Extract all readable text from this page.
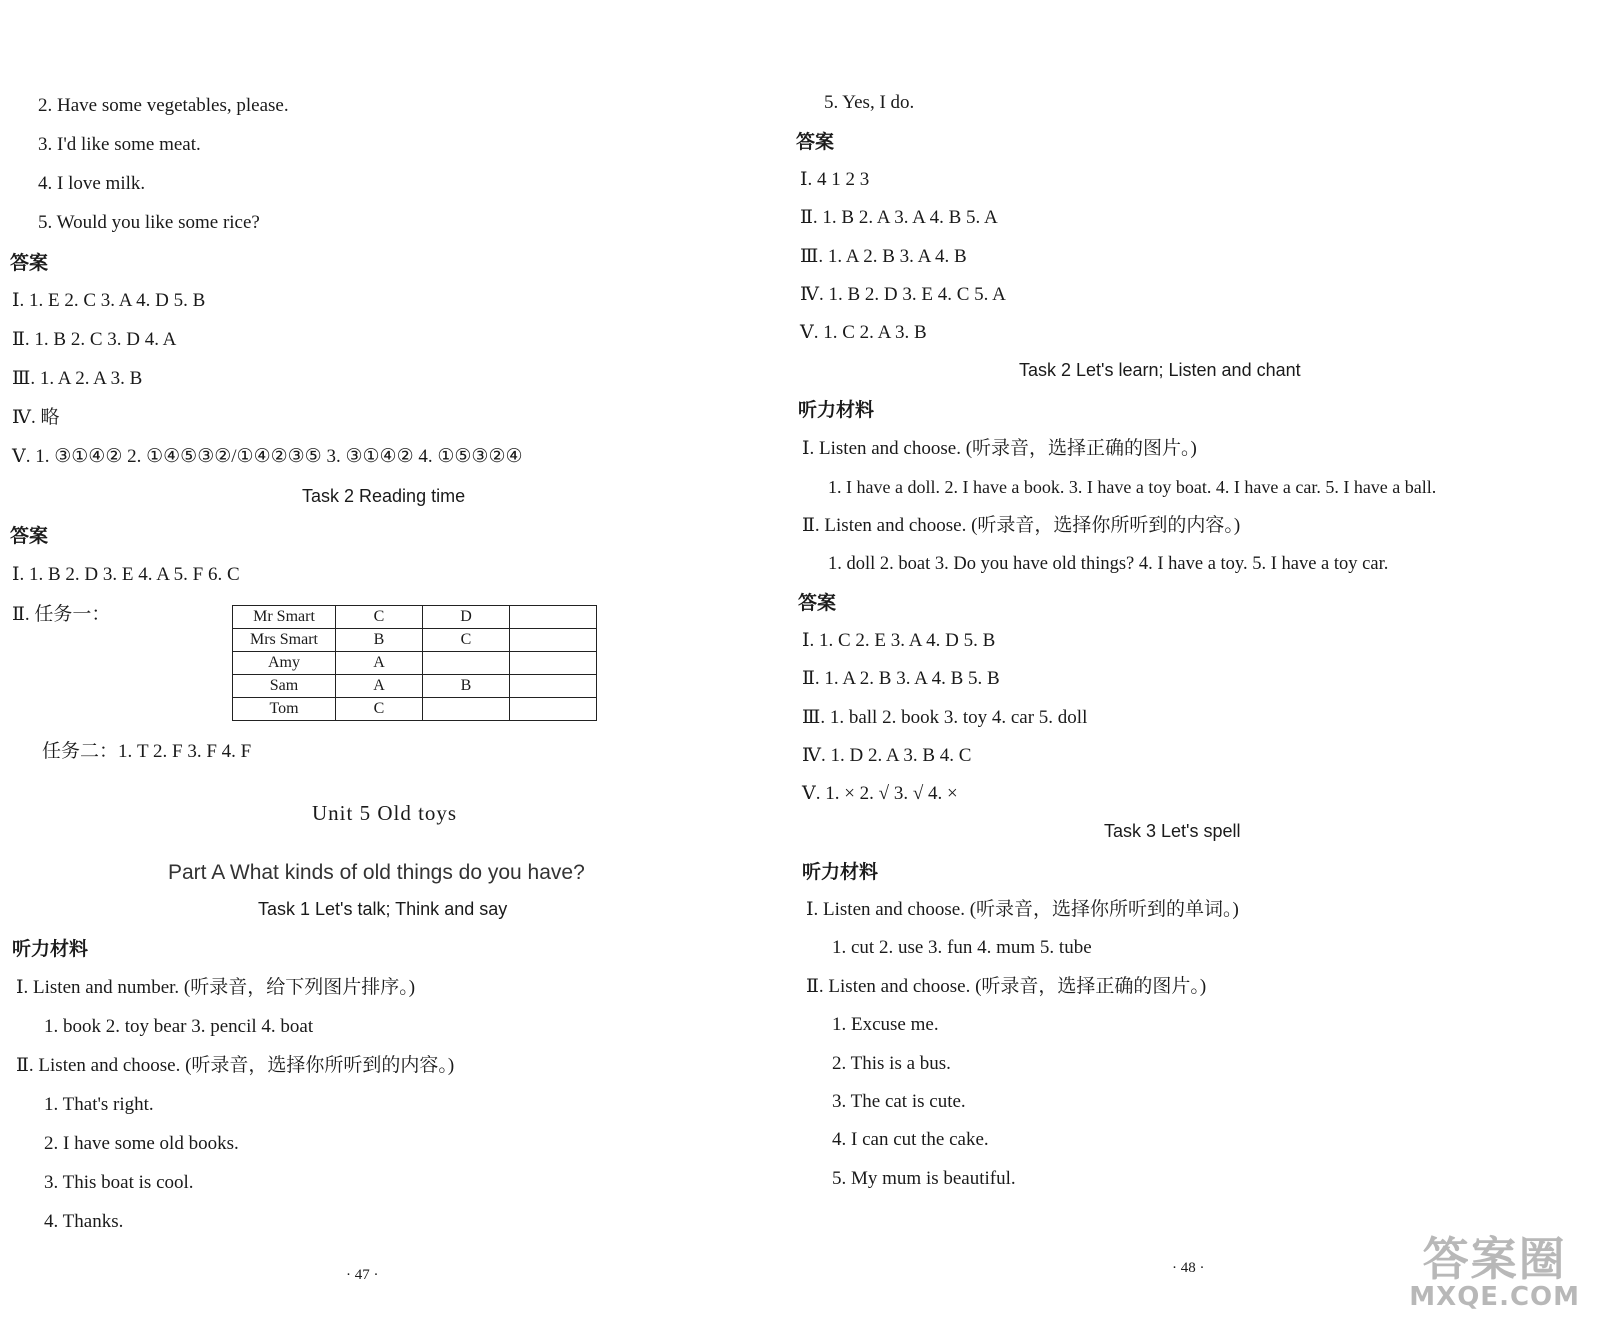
2. Have some vegetables, please.
3. I'd like some meat.
4. I love milk.
5. Would you like some rice?
答案
Ⅰ. 1. E 2. C 3. A 4. D 5. B
Ⅱ. 1. B 2. C 3. D 4. A
Ⅲ. 1. A 2. A 3. B
Ⅳ. 略
Ⅴ. 1. ③①④② 2. ①④⑤③②/①④②③⑤ 3. ③①④② 4. ①⑤③②④
Task 2 Reading time
答案
Ⅰ. 1. B 2. D 3. E 4. A 5. F 6. C
Ⅱ. 任务一：	Mr Smart	C	D	
Mrs Smart	B	C	
Amy	A		
Sam	A	B	
Tom	C		
任务二：1. T 2. F 3. F 4. F
Unit 5 Old toys
Part A What kinds of old things do you have?
Task 1 Let's talk; Think and say
听力材料
Ⅰ. Listen and number. (听录音，给下列图片排序。)
1. book 2. toy bear 3. pencil 4. boat
Ⅱ. Listen and choose. (听录音，选择你所听到的内容。)
1. That's right.
2. I have some old books.
3. This boat is cool.
4. Thanks.
· 47 ·
5. Yes, I do.
答案
Ⅰ. 4 1 2 3
Ⅱ. 1. B 2. A 3. A 4. B 5. A
Ⅲ. 1. A 2. B 3. A 4. B
Ⅳ. 1. B 2. D 3. E 4. C 5. A
Ⅴ. 1. C 2. A 3. B
Task 2 Let's learn; Listen and chant
听力材料
Ⅰ. Listen and choose. (听录音，选择正确的图片。)
1. I have a doll. 2. I have a book. 3. I have a toy boat. 4. I have a car. 5. I have a ball.
Ⅱ. Listen and choose. (听录音，选择你所听到的内容。)
1. doll 2. boat 3. Do you have old things? 4. I have a toy. 5. I have a toy car.
答案
Ⅰ. 1. C 2. E 3. A 4. D 5. B
Ⅱ. 1. A 2. B 3. A 4. B 5. B
Ⅲ. 1. ball 2. book 3. toy 4. car 5. doll
Ⅳ. 1. D 2. A 3. B 4. C
Ⅴ. 1. × 2. √ 3. √ 4. ×
Task 3 Let's spell
听力材料
Ⅰ. Listen and choose. (听录音，选择你所听到的单词。)
1. cut 2. use 3. fun 4. mum 5. tube
Ⅱ. Listen and choose. (听录音，选择正确的图片。)
1. Excuse me.
2. This is a bus.
3. The cat is cute.
4. I can cut the cake.
5. My mum is beautiful.
· 48 ·	答案圈
MXQE.COM
